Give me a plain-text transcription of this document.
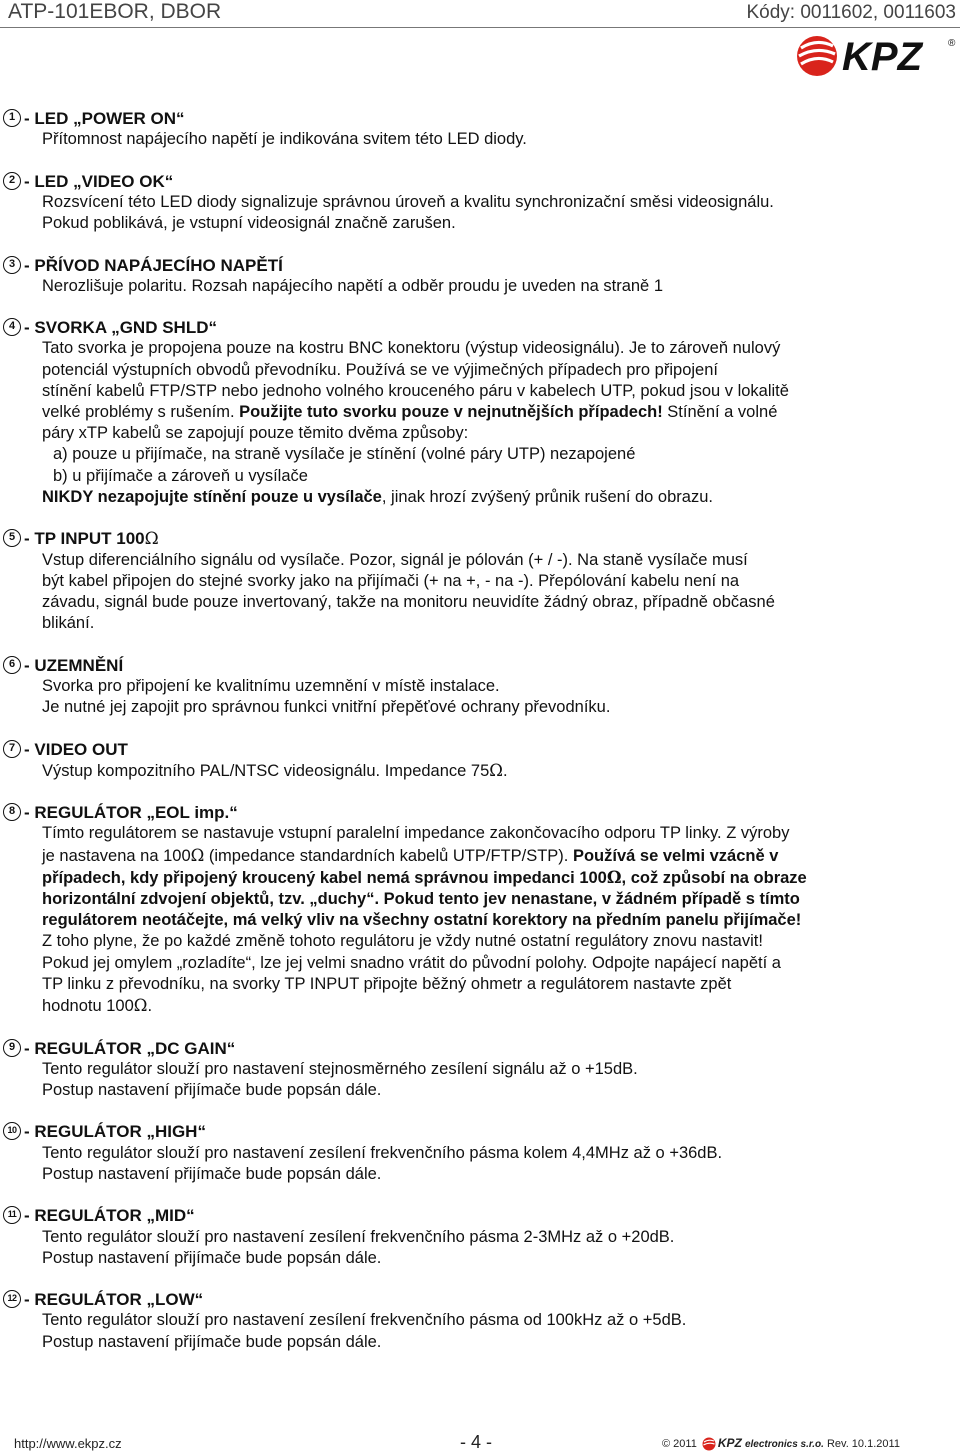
ATP-101EBOR, DBOR	Kódy: 0011602, 0011603
KPZ	®
1 - LED „POWER ON“

Přítomnost napájecího napětí je indikována svitem této LED diody.

2 - LED „VIDEO OK“

Rozsvícení této LED diody signalizuje správnou úroveň a kvalitu synchronizační směsi videosignálu.

Pokud poblikává, je vstupní videosignál značně zarušen.

3 - PŘÍVOD NAPÁJECÍHO NAPĚTÍ

Nerozlišuje polaritu. Rozsah napájecího napětí a odběr proudu je uveden na straně 1

4 - SVORKA „GND SHLD“

Tato svorka je propojena pouze na kostru BNC konektoru (výstup videosignálu). Je to zároveň nulový

potenciál výstupních obvodů převodníku. Používá se ve výjimečných případech pro připojení

stínění kabelů FTP/STP nebo jednoho volného krouceného páru v kabelech UTP, pokud jsou v lokalitě

velké problémy s rušením. Použijte tuto svorku pouze v nejnutnějších případech! Stínění a volné

páry xTP kabelů se zapojují pouze těmito dvěma způsoby:

a) pouze u přijímače, na straně vysílače je stínění (volné páry UTP) nezapojené

b) u přijímače a zároveň u vysílače

NIKDY nezapojujte stínění pouze u vysílače, jinak hrozí zvýšený průnik rušení do obrazu.

5 - TP INPUT 100Ω

Vstup diferenciálního signálu od vysílače. Pozor, signál je pólován (+ / -). Na staně vysílače musí

být kabel připojen do stejné svorky jako na přijímači (+ na +, - na -). Přepólování kabelu není na

závadu, signál bude pouze invertovaný, takže na monitoru neuvidíte žádný obraz, případně občasné

blikání.

6 - UZEMNĚNÍ

Svorka pro připojení ke kvalitnímu uzemnění v místě instalace.

Je nutné jej zapojit pro správnou funkci vnitřní přepěťové ochrany převodníku.

7 - VIDEO OUT

Výstup kompozitního PAL/NTSC videosignálu. Impedance 75Ω.

8 - REGULÁTOR „EOL imp.“

Tímto regulátorem se nastavuje vstupní paralelní impedance zakončovacího odporu TP linky. Z výroby

je nastavena na 100Ω (impedance standardních kabelů UTP/FTP/STP). Používá se velmi vzácně v

případech, kdy připojený kroucený kabel nemá správnou impedanci 100Ω, což způsobí na obraze

horizontální zdvojení objektů, tzv. „duchy“. Pokud tento jev nenastane, v žádném případě s tímto

regulátorem neotáčejte, má velký vliv na všechny ostatní korektory na předním panelu přijímače!

Z toho plyne, že po každé změně tohoto regulátoru je vždy nutné ostatní regulátory znovu nastavit!

Pokud jej omylem „rozladíte“, lze jej velmi snadno vrátit do původní polohy. Odpojte napájecí napětí a

TP linku z převodníku, na svorky TP INPUT připojte běžný ohmetr a regulátorem nastavte zpět

hodnotu 100Ω.

9 - REGULÁTOR „DC GAIN“

Tento regulátor slouží pro nastavení stejnosměrného zesílení signálu až o +15dB.

Postup nastavení přijímače bude popsán dále.

10 - REGULÁTOR „HIGH“

Tento regulátor slouží pro nastavení zesílení frekvenčního pásma kolem 4,4MHz až o +36dB.

Postup nastavení přijímače bude popsán dále.

11 - REGULÁTOR „MID“

Tento regulátor slouží pro nastavení zesílení frekvenčního pásma 2-3MHz až o +20dB.

Postup nastavení přijímače bude popsán dále.

12 - REGULÁTOR „LOW“

Tento regulátor slouží pro nastavení zesílení frekvenčního pásma od 100kHz až o +5dB.

Postup nastavení přijímače bude popsán dále.

http://www.ekpz.cz	- 4 -	© 2011 KPZ electronics s.r.o. Rev. 10.1.2011
